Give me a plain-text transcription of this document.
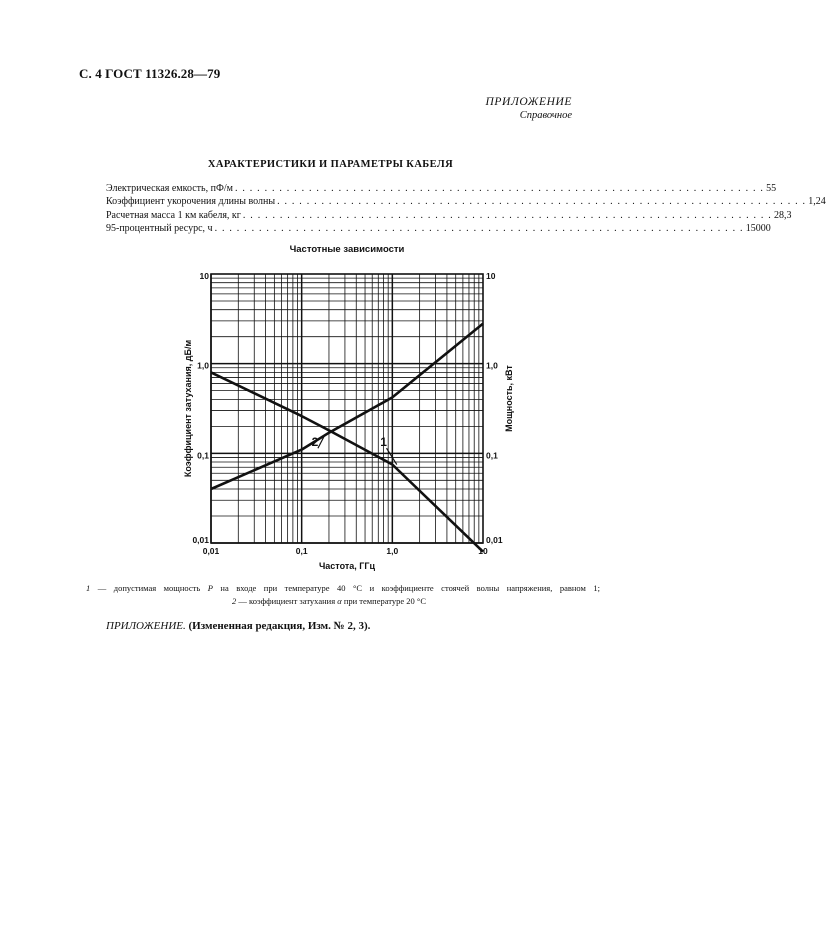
С. 4 ГОСТ 11326.28—79
ПРИЛОЖЕНИЕ
Справочное
ХАРАКТЕРИСТИКИ И ПАРАМЕТРЫ КАБЕЛЯ
Электрическая емкость, пФ/м . . . . . . . . . . . . . . . . . . . . . . . . . . . . . . . . . . . . . . . . . . . . . . . . . . . . . . . . . . . . . . . . . . . . . . . . 55
Коэффициент укорочения длины волны . . . . . . . . . . . . . . . . . . . . . . . . . . . . . . . . . . . . . . . . . . . . . . . . . . . . . . . . . . . . . . . . . . . . . . . . 1,24
Расчетная масса 1 км кабеля, кг . . . . . . . . . . . . . . . . . . . . . . . . . . . . . . . . . . . . . . . . . . . . . . . . . . . . . . . . . . . . . . . . . . . . . . . . 28,3
95-процентный ресурс, ч . . . . . . . . . . . . . . . . . . . . . . . . . . . . . . . . . . . . . . . . . . . . . . . . . . . . . . . . . . . . . . . . . . . . . . . . 15000
Частотные зависимости
1
2
0,01	0,1	1,0	10
0,01
0,1
1,0
10
0,01
0,1
1,0
10
Коэффициент затухания, дБ/м	Мощность, кВт
Частота, ГГц
1 — допустимая мощность P на входе при температуре 40 °С и коэффициенте стоячей волны напряжения, равном 1;
2 — коэффициент затухания α при температуре 20 °С
ПРИЛОЖЕНИЕ. (Измененная редакция, Изм. № 2, 3).
